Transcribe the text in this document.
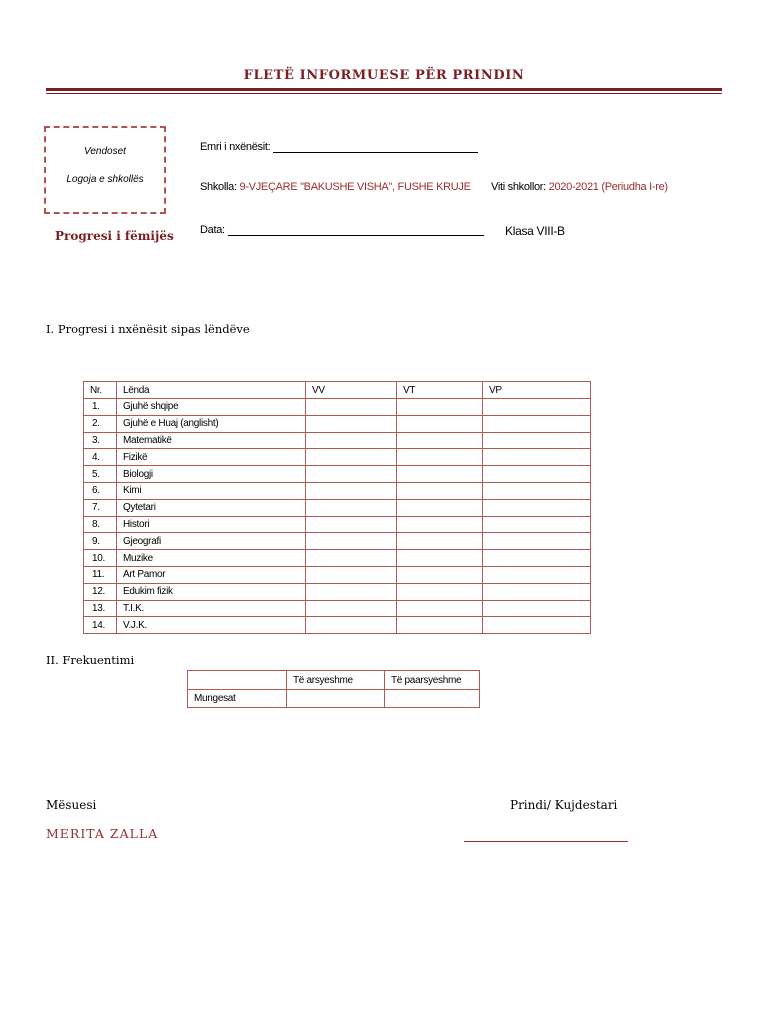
FLETË INFORMUESE PËR PRINDIN
Vendoset
Logoja e shkollës
Progresi i fëmijës
Emri i nxënësit:
Shkolla: 9-VJEÇARE "BAKUSHE VISHA", FUSHE KRUJE Viti shkollor: 2020-2021 (Periudha I-re)
Data:	Klasa VIII-B
I. Progresi i nxënësit sipas lëndëve
Nr.	Lënda	VV	VT	VP
1.	Gjuhë shqipe			
2.	Gjuhë e Huaj (anglisht)			
3.	Matematikë			
4.	Fizikë			
5.	Biologji			
6.	Kimi			
7.	Qytetari			
8.	Histori			
9.	Gjeografi			
10.	Muzike			
11.	Art Pamor			
12.	Edukim fizik			
13.	T.I.K.			
14.	V.J.K.			
II. Frekuentimi
	Të arsyeshme	Të paarsyeshme
Mungesat		
Mësuesi	Prindi/ Kujdestari
MERITA ZALLA
